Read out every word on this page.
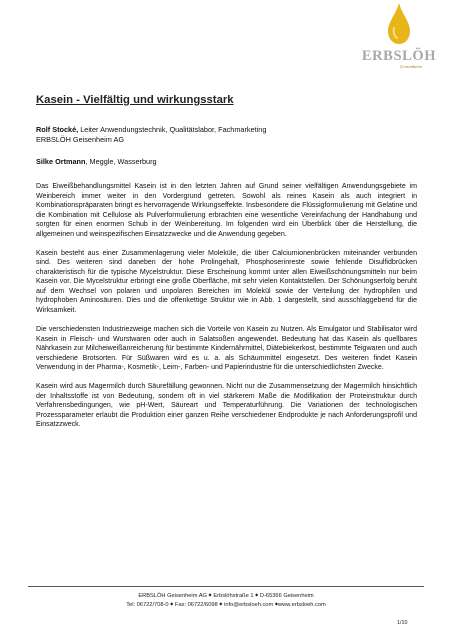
ERBSLÖH
Geisenheim
Kasein - Vielfältig und wirkungsstark

Rolf Stocké, Leiter Anwendungstechnik, Qualitätslabor, Fachmarketing
ERBSLÖH Geisenheim AG

Silke Ortmann, Meggle, Wasserburg

Das Eiweißbehandlungsmittel Kasein ist in den letzten Jahren auf Grund seiner vielfältigen Anwendungsgebiete im Weinbereich immer weiter in den Vordergrund getreten. Sowohl als reines Kasein als auch integriert in Kombinationspräparaten bringt es hervorragende Wirkungseffekte. Insbesondere die Flüssigformulierung mit Gelatine und die Kombination mit Cellulose als Pulverformulierung erbrachten eine wesentliche Vereinfachung der Handhabung und sorgten für einen enormen Schub in der Weinbereitung. Im folgenden wird ein Überblick über die Herstellung, die allgemeinen und weinspezifischen Einsatzzwecke und die Anwendung gegeben.

Kasein besteht aus einer Zusammenlagerung vieler Moleküle, die über Calciumionenbrücken miteinander verbunden sind. Des weiteren sind daneben der hohe Prolingehalt, Phosphoserinreste sowie fehlende Disulfidbrücken charakteristisch für die typische Mycelstruktur. Diese Erscheinung kommt unter allen Eiweißschönungsmitteln nur beim Kasein vor. Die Mycelstruktur erbringt eine große Oberfläche, mit sehr vielen Kontaktstellen. Der Schönungserfolg beruht auf dem Wechsel von polaren und unpolaren Bereichen im Molekül sowie der Verteilung der hydrophilen und hydrophoben Aminosäuren. Dies und die offenkettige Struktur wie in Abb. 1 dargestellt, sind ausschlaggebend für die Wirksamkeit.

Die verschiedensten Industriezweige machen sich die Vorteile von Kasein zu Nutzen. Als Emulgator und Stabilisator wird Kasein in Fleisch- und Wurstwaren oder auch in Salatsoßen angewendet. Bedeutung hat das Kasein als quellbares Nährkasein zur Milcheiweißanreicherung für bestimmte Kindernährmittel, Diätebiekerkost, bestimmte Teigwaren und auch verschiedene Brotsorten. Für Süßwaren wird es u. a. als Schäummittel eingesetzt. Des weiteren findet Kasein Verwendung in der Pharma-, Kosmetik-, Leim-, Farben- und Papierindustrie für die unterschiedlichsten Zwecke.

Kasein wird aus Magermilch durch Säurefällung gewonnen. Nicht nur die Zusammensetzung der Magermilch hinsichtlich der Inhaltsstoffe ist von Bedeutung, sondern oft in viel stärkerem Maße die Modifikation der Proteinstruktur durch Verfahrensbedingungen, wie pH-Wert, Säureart und Temperaturführung. Die Variationen der technologischen Prozessparameter erlaubt die Produktion einer ganzen Reihe verschiedener Endprodukte je nach Anforderungsprofil und Einsatzzweck.

ERBSLÖH Geisenheim AG ◆ Erbslöhstraße 1 ◆ D-65366 Geisenheim
Tel: 06722/708-0 ◆ Fax: 06722/6098 ◆ info@erbsloeh.com ◆www.erbsloeh.com
1/10
